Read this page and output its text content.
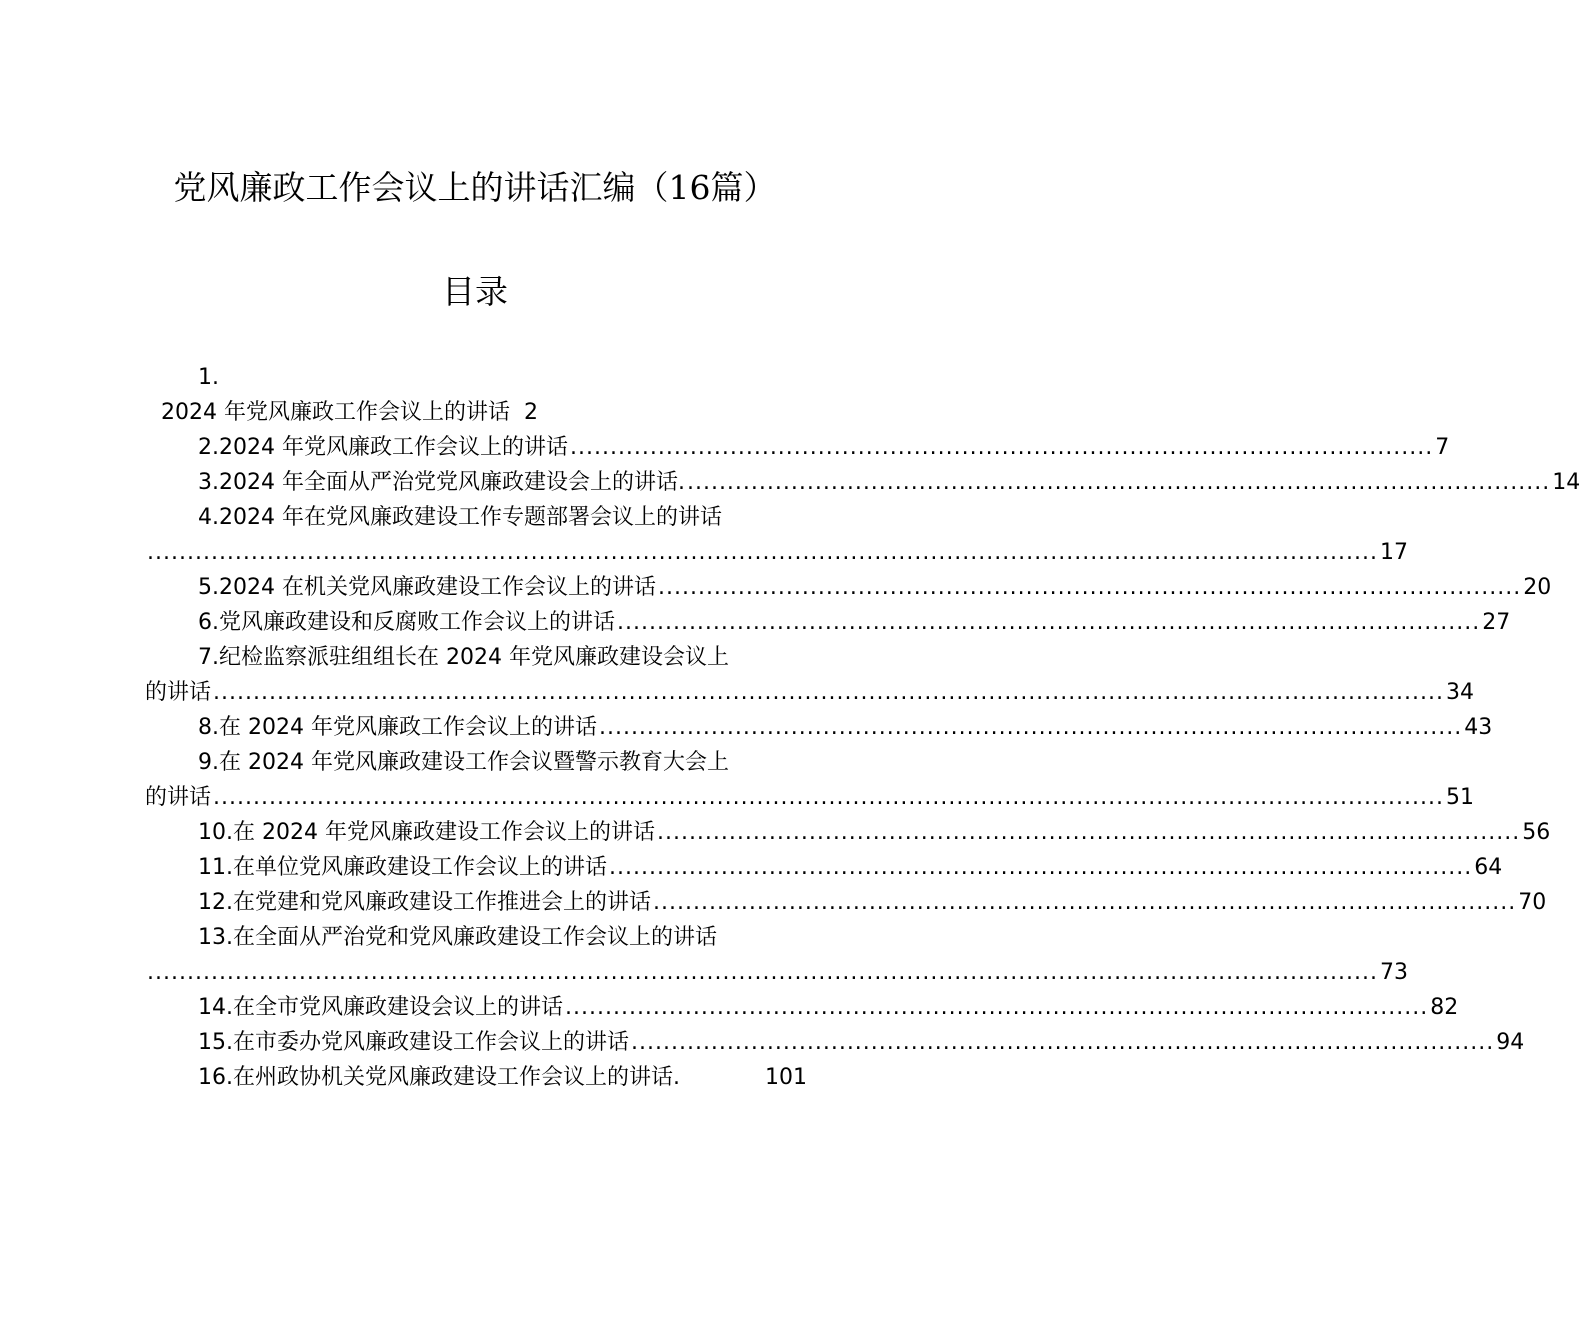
党风廉政工作会议上的讲话汇编（16篇）
目录
1.
2024 年党风廉政工作会议上的讲话 2
2.2024 年党风廉政工作会议上的讲话 ............................................................................................................ 7
3.2024 年全面从严治党党风廉政建设会上的讲话. ............................................................................................................ 14
4.2024 年在党风廉政建设工作专题部署会议上的讲话
.......................................................................................................................................................... 17
5.2024 在机关党风廉政建设工作会议上的讲话 ............................................................................................................ 20
6.党风廉政建设和反腐败工作会议上的讲话 ............................................................................................................ 27
7.纪检监察派驻组组长在 2024 年党风廉政建设会议上
的讲话 .......................................................................................................................................................... 34
8.在 2024 年党风廉政工作会议上的讲话 ............................................................................................................ 43
9.在 2024 年党风廉政建设工作会议暨警示教育大会上
的讲话 .......................................................................................................................................................... 51
10.在 2024 年党风廉政建设工作会议上的讲话 ............................................................................................................ 56
11.在单位党风廉政建设工作会议上的讲话 ............................................................................................................ 64
12.在党建和党风廉政建设工作推进会上的讲话 ............................................................................................................ 70
13.在全面从严治党和党风廉政建设工作会议上的讲话
.......................................................................................................................................................... 73
14.在全市党风廉政建设会议上的讲话 ............................................................................................................ 82
15.在市委办党风廉政建设工作会议上的讲话 ............................................................................................................ 94
16.在州政协机关党风廉政建设工作会议上的讲话.	101
